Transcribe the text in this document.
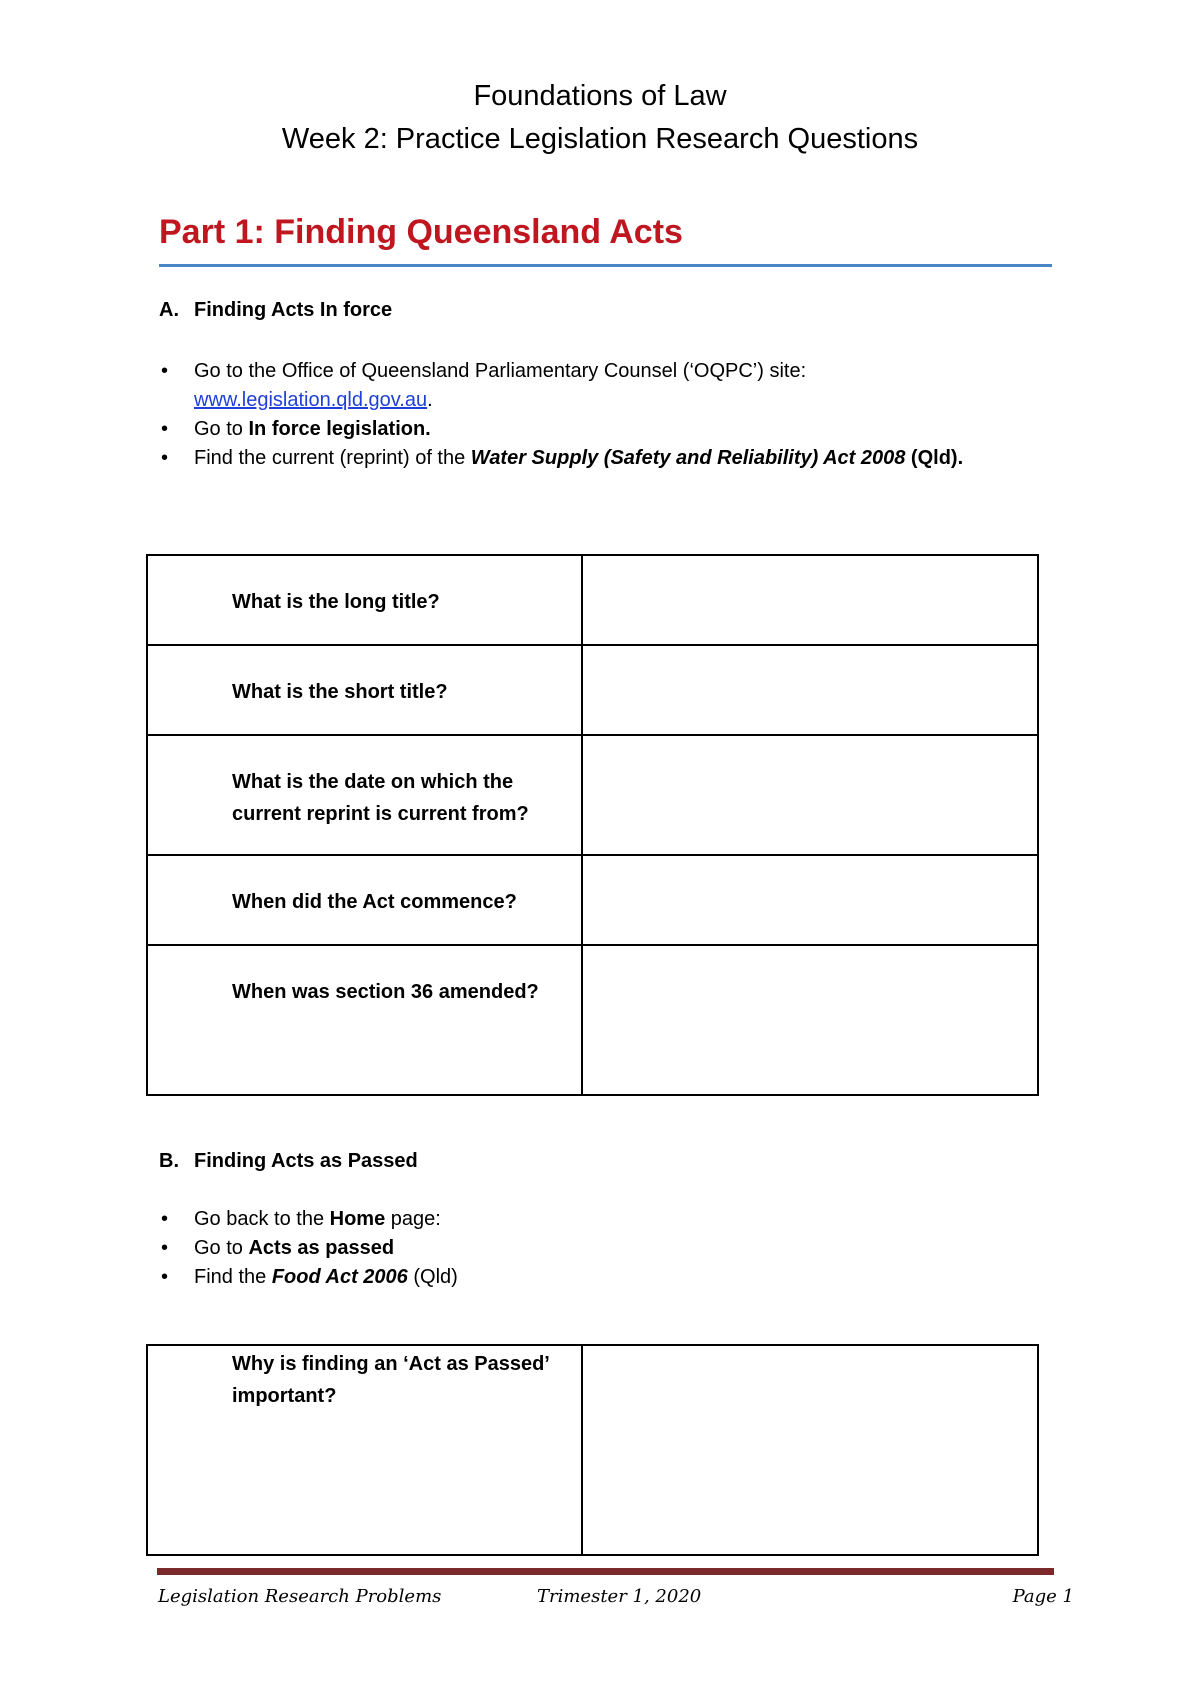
Foundations of Law
Week 2: Practice Legislation Research Questions
Part 1: Finding Queensland Acts
A. Finding Acts In force
• Go to the Office of Queensland Parliamentary Counsel (‘OQPC’) site:
www.legislation.qld.gov.au.
• Go to In force legislation.
• Find the current (reprint) of the Water Supply (Safety and Reliability) Act 2008 (Qld).
What is the long title?	

What is the short title?	

What is the date on which the current reprint is current from?	

When did the Act commence?	

When was section 36 amended?	

B. Finding Acts as Passed
• Go back to the Home page:
• Go to Acts as passed
• Find the Food Act 2006 (Qld)
Why is finding an ‘Act as Passed’ important?

Legislation Research Problems	Trimester 1, 2020	Page 1
